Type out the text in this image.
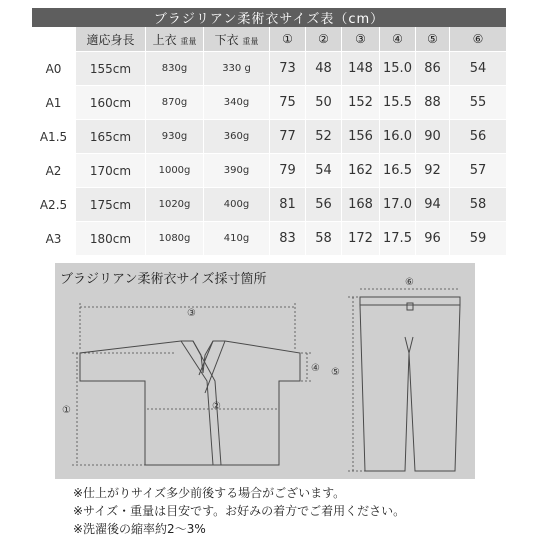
ブラジリアン柔術衣サイズ表（cm）									
	適応身長	上衣 重量	下衣 重量	①	②	③	④	⑤	⑥
A0	155cm	830g	330 g	73	48	148	15.0	86	54
A1	160cm	870g	340g	75	50	152	15.5	88	55
A1.5	165cm	930g	360g	77	52	156	16.0	90	56
A2	170cm	1000g	390g	79	54	162	16.5	92	57
A2.5	175cm	1020g	400g	81	56	168	17.0	94	58
A3	180cm	1080g	410g	83	58	172	17.5	96	59
③
②
①
④ ⑤
⑥
ブラジリアン柔術衣サイズ採寸箇所
※仕上がりサイズ多少前後する場合がございます。
※サイズ・重量は目安です。お好みの着方でご着用ください。
※洗濯後の縮率約2～3%
